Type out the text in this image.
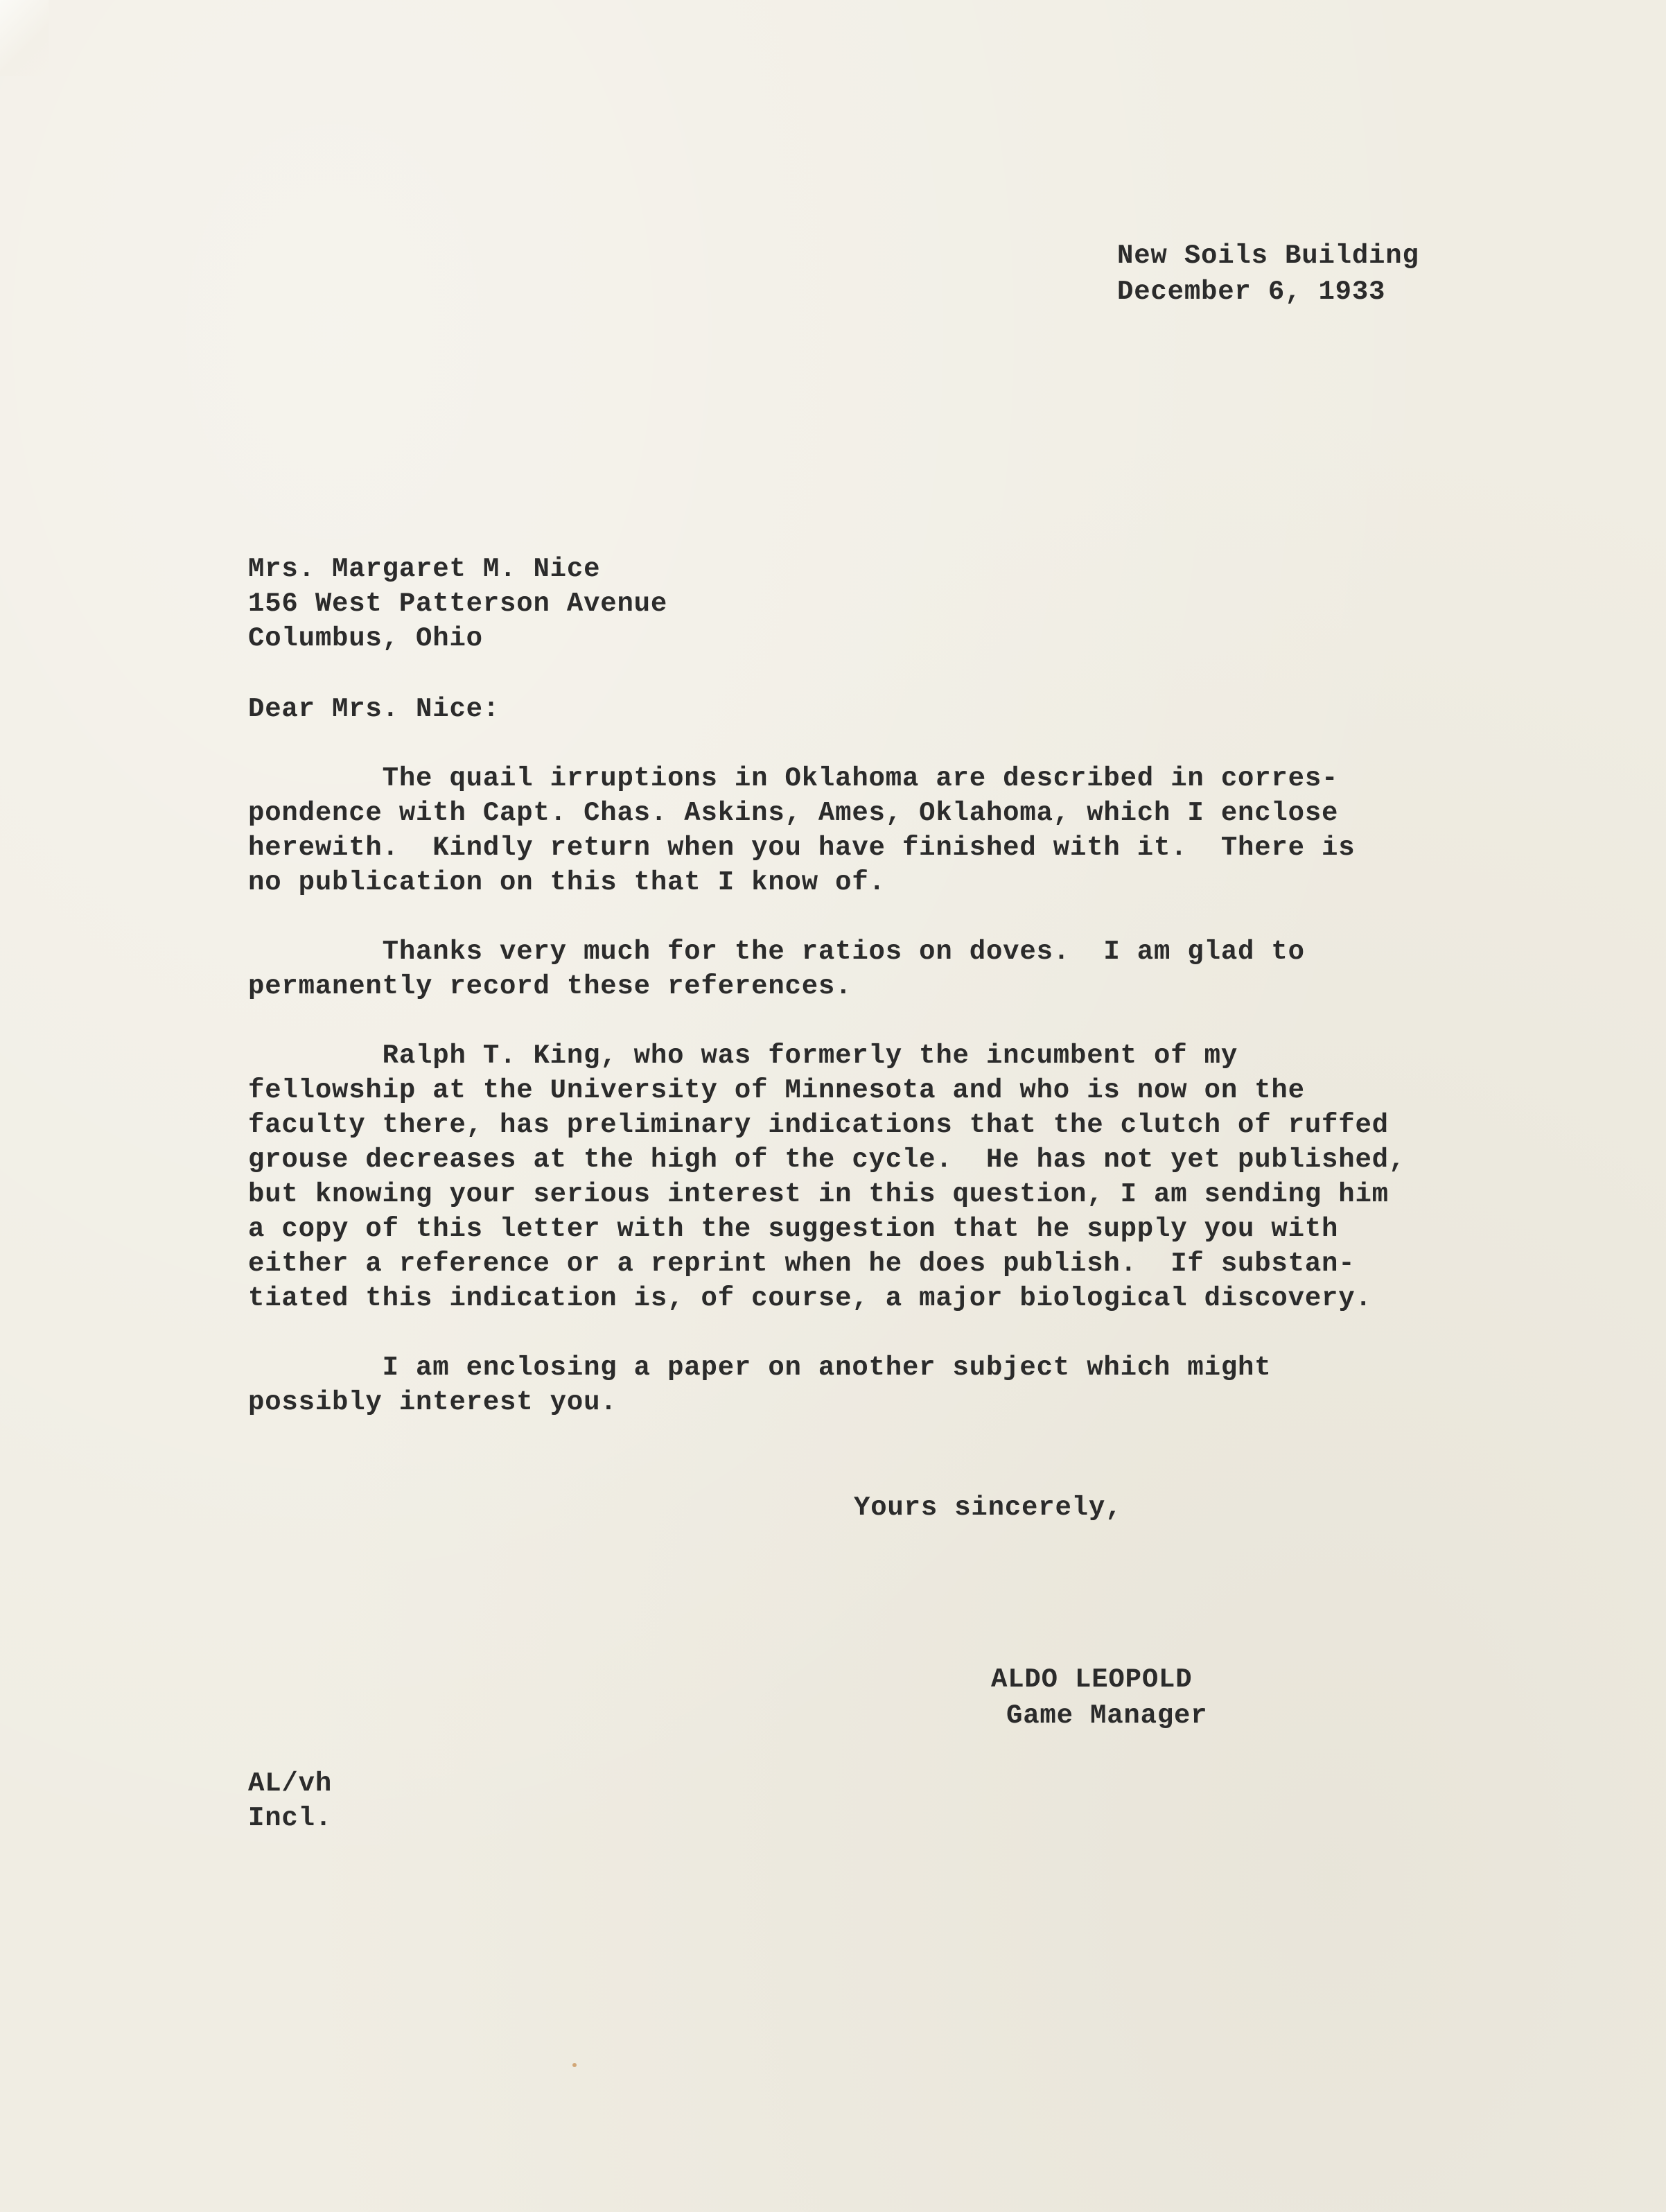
New Soils Building
December 6, 1933
Mrs. Margaret M. Nice
156 West Patterson Avenue
Columbus, Ohio
Dear Mrs. Nice:
The quail irruptions in Oklahoma are described in corres-
pondence with Capt. Chas. Askins, Ames, Oklahoma, which I enclose
herewith.  Kindly return when you have finished with it.  There is
no publication on this that I know of.
Thanks very much for the ratios on doves.  I am glad to
permanently record these references.
Ralph T. King, who was formerly the incumbent of my
fellowship at the University of Minnesota and who is now on the
faculty there, has preliminary indications that the clutch of ruffed
grouse decreases at the high of the cycle.  He has not yet published,
but knowing your serious interest in this question, I am sending him
a copy of this letter with the suggestion that he supply you with
either a reference or a reprint when he does publish.  If substan-
tiated this indication is, of course, a major biological discovery.
I am enclosing a paper on another subject which might
possibly interest you.
Yours sincerely,
ALDO LEOPOLD
Game Manager
AL/vh
Incl.
